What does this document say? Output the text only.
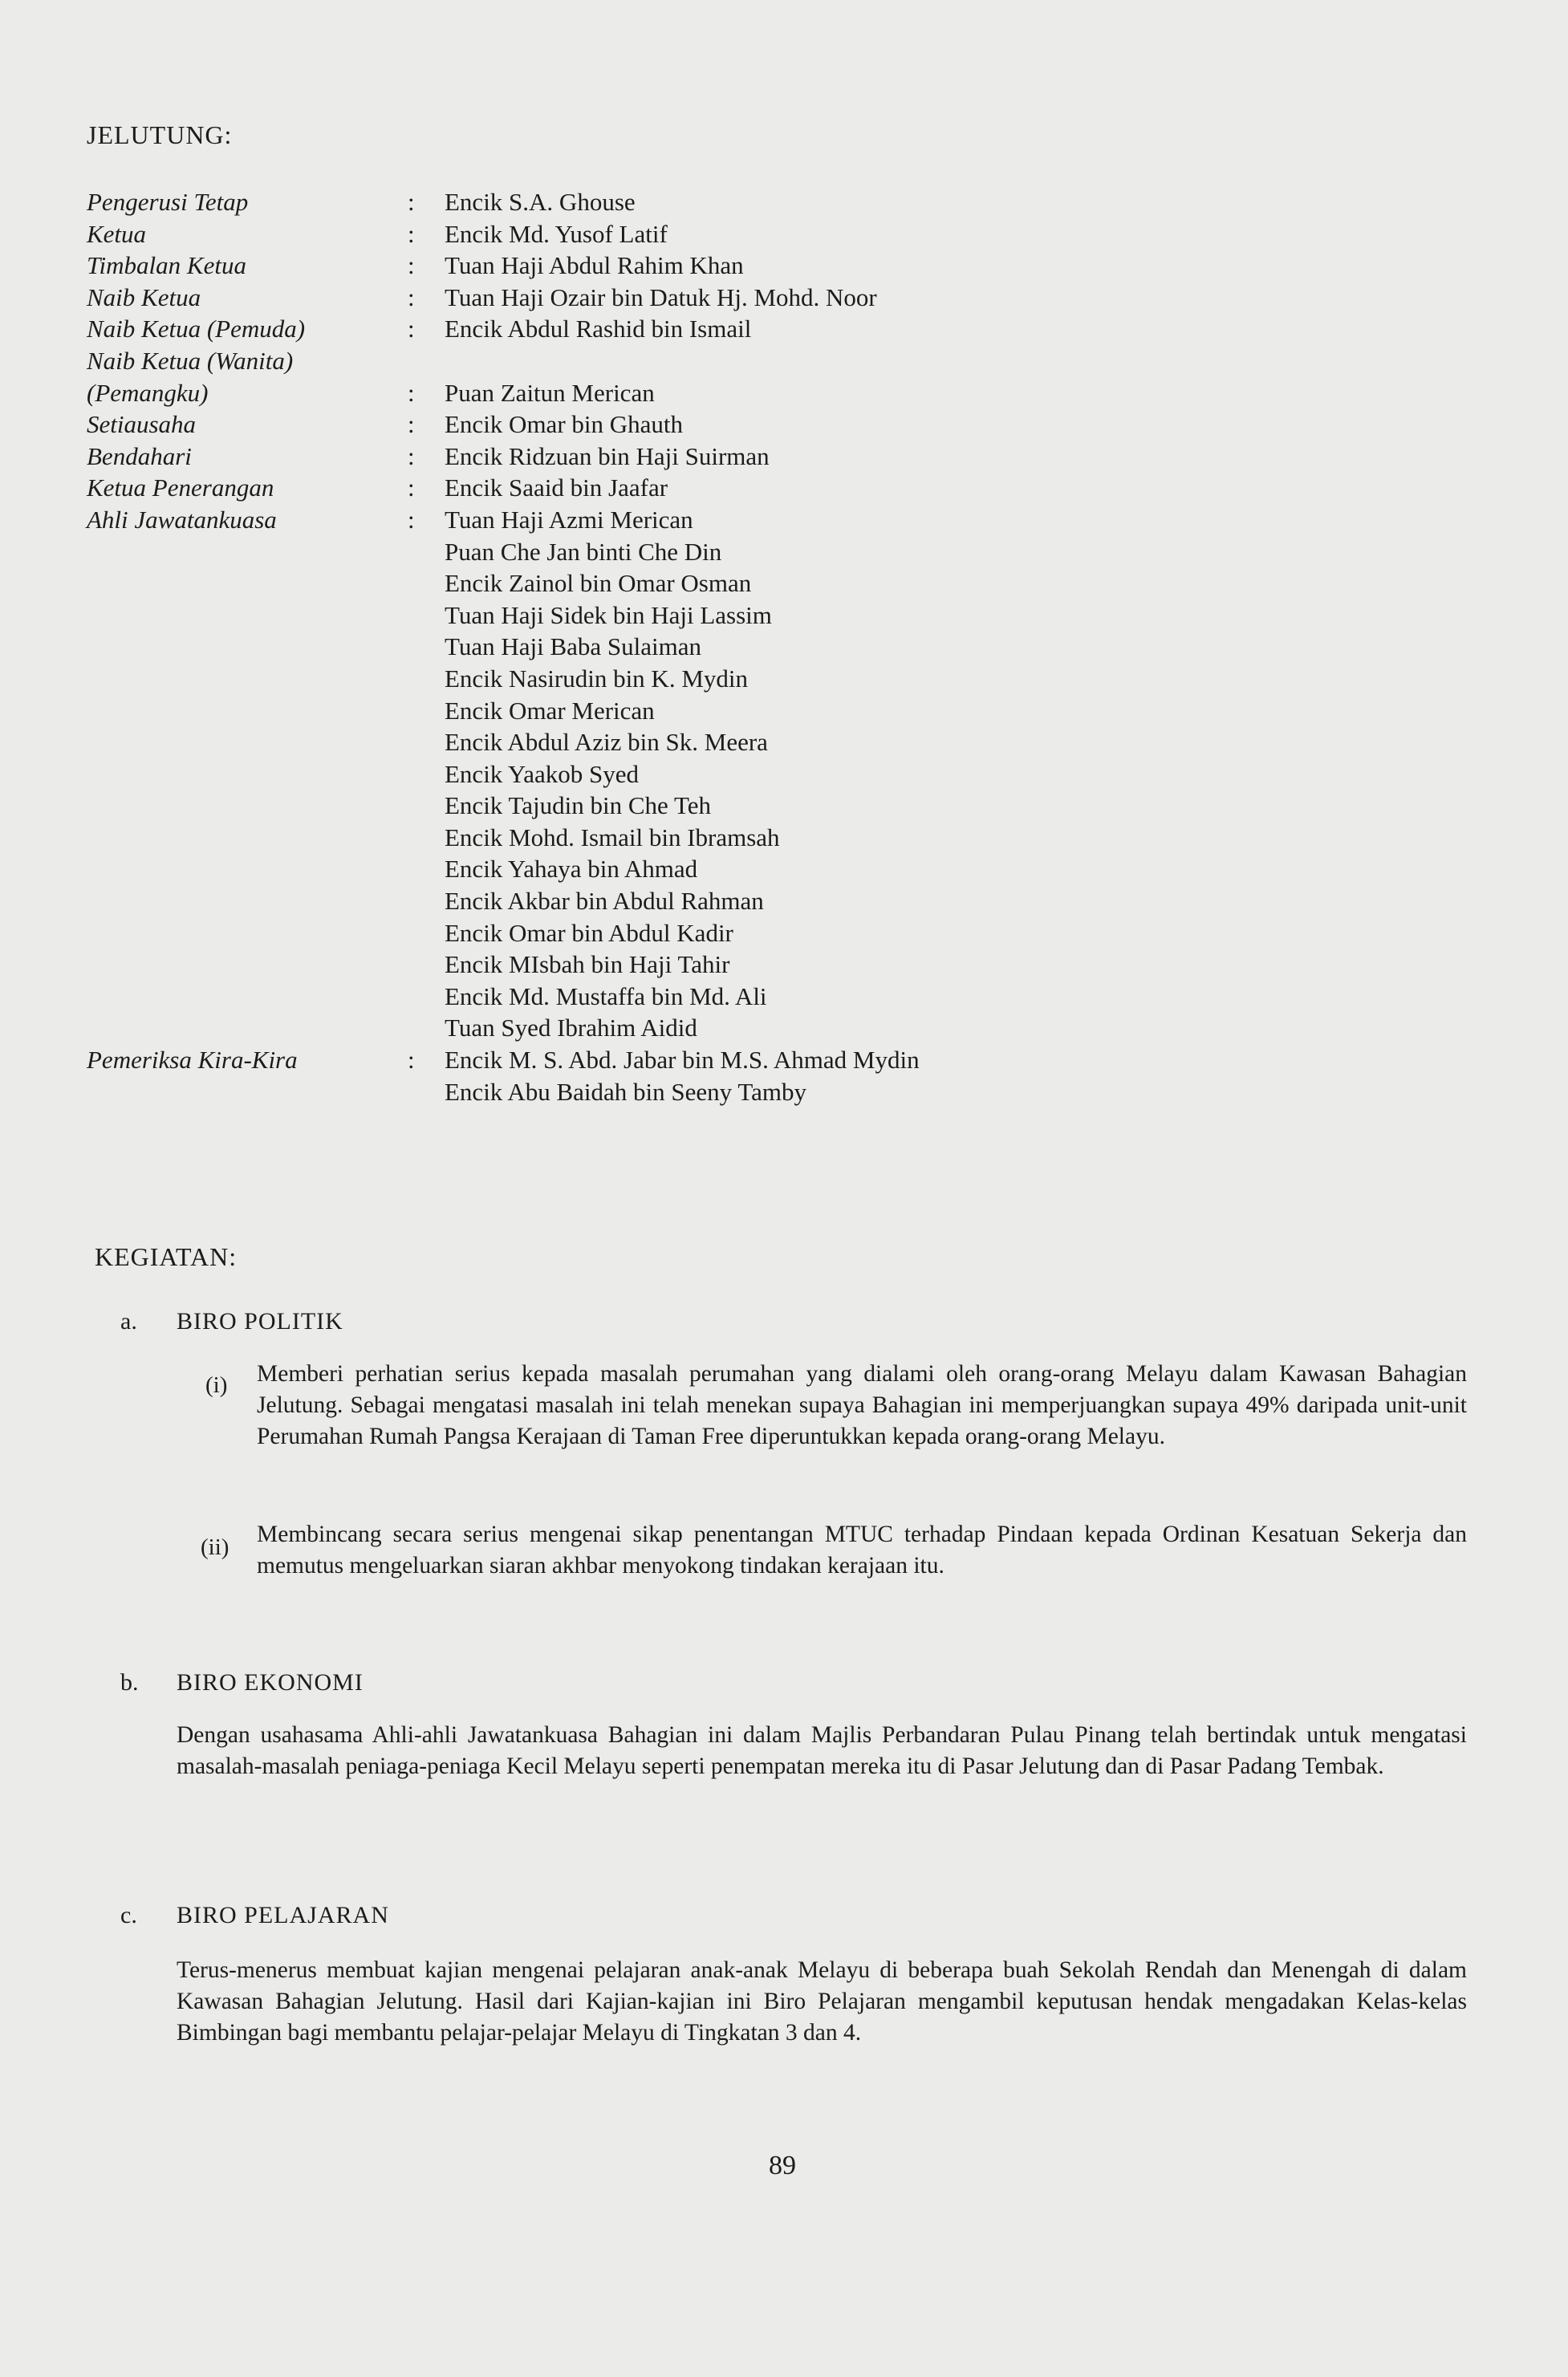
JELUTUNG:
Pengerusi Tetap	:	Encik S.A. Ghouse
Ketua	:	Encik Md. Yusof Latif
Timbalan Ketua	:	Tuan Haji Abdul Rahim Khan
Naib Ketua	:	Tuan Haji Ozair bin Datuk Hj. Mohd. Noor
Naib Ketua (Pemuda)	:	Encik Abdul Rashid bin Ismail
Naib Ketua (Wanita)
(Pemangku)	:	Puan Zaitun Merican
Setiausaha	:	Encik Omar bin Ghauth
Bendahari	:	Encik Ridzuan bin Haji Suirman
Ketua Penerangan	:	Encik Saaid bin Jaafar
Ahli Jawatankuasa	:	Tuan Haji Azmi Merican
Puan Che Jan binti Che Din
Encik Zainol bin Omar Osman
Tuan Haji Sidek bin Haji Lassim
Tuan Haji Baba Sulaiman
Encik Nasirudin bin K. Mydin
Encik Omar Merican
Encik Abdul Aziz bin Sk. Meera
Encik Yaakob Syed
Encik Tajudin bin Che Teh
Encik Mohd. Ismail bin Ibramsah
Encik Yahaya bin Ahmad
Encik Akbar bin Abdul Rahman
Encik Omar bin Abdul Kadir
Encik MIsbah bin Haji Tahir
Encik Md. Mustaffa bin Md. Ali
Tuan Syed Ibrahim Aidid
Pemeriksa Kira-Kira	:	Encik M. S. Abd. Jabar bin M.S. Ahmad Mydin
Encik Abu Baidah bin Seeny Tamby
KEGIATAN:
a. BIRO POLITIK
(i) Memberi perhatian serius kepada masalah perumahan yang dialami oleh orang-orang Melayu dalam Kawasan Bahagian Jelutung. Sebagai mengatasi masalah ini telah menekan supaya Bahagian ini memperjuangkan supaya 49% daripada unit-unit Perumahan Rumah Pangsa Kerajaan di Taman Free diperuntukkan kepada orang-orang Melayu.
(ii) Membincang secara serius mengenai sikap penentangan MTUC terhadap Pindaan kepada Ordinan Kesatuan Sekerja dan memutus mengeluarkan siaran akhbar menyokong tindakan kerajaan itu.
b. BIRO EKONOMI
Dengan usahasama Ahli-ahli Jawatankuasa Bahagian ini dalam Majlis Perbandaran Pulau Pinang telah bertindak untuk mengatasi masalah-masalah peniaga-peniaga Kecil Melayu seperti penempatan mereka itu di Pasar Jelutung dan di Pasar Padang Tembak.
c. BIRO PELAJARAN
Terus-menerus membuat kajian mengenai pelajaran anak-anak Melayu di beberapa buah Sekolah Rendah dan Menengah di dalam Kawasan Bahagian Jelutung. Hasil dari Kajian-kajian ini Biro Pelajaran mengambil keputusan hendak mengadakan Kelas-kelas Bimbingan bagi membantu pelajar-pelajar Melayu di Tingkatan 3 dan 4.
89
